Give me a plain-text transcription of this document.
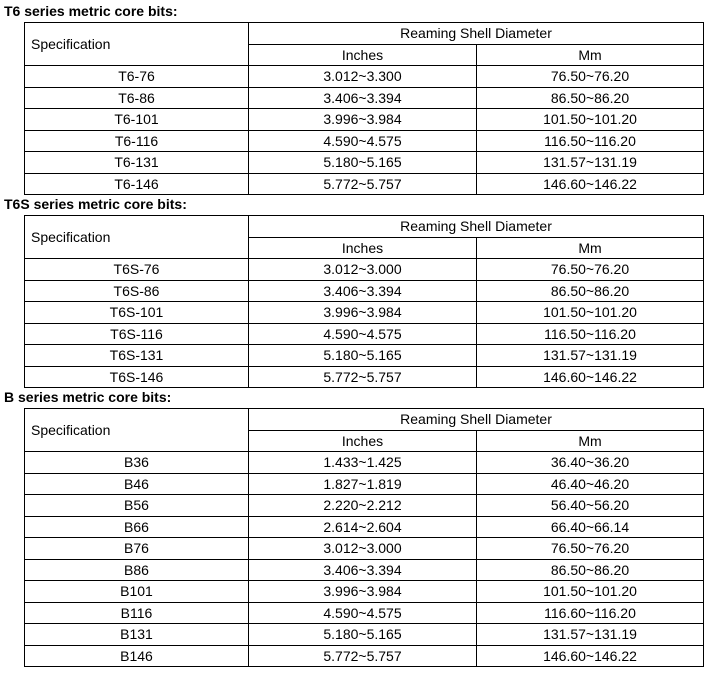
T6 series metric core bits:
Specification	Reaming Shell Diameter	
	Inches	Mm
T6-76	3.012~3.300	76.50~76.20
T6-86	3.406~3.394	86.50~86.20
T6-101	3.996~3.984	101.50~101.20
T6-116	4.590~4.575	116.50~116.20
T6-131	5.180~5.165	131.57~131.19
T6-146	5.772~5.757	146.60~146.22
T6S series metric core bits:
Specification	Reaming Shell Diameter	
	Inches	Mm
T6S-76	3.012~3.000	76.50~76.20
T6S-86	3.406~3.394	86.50~86.20
T6S-101	3.996~3.984	101.50~101.20
T6S-116	4.590~4.575	116.50~116.20
T6S-131	5.180~5.165	131.57~131.19
T6S-146	5.772~5.757	146.60~146.22
B series metric core bits:
Specification	Reaming Shell Diameter	
	Inches	Mm
B36	1.433~1.425	36.40~36.20
B46	1.827~1.819	46.40~46.20
B56	2.220~2.212	56.40~56.20
B66	2.614~2.604	66.40~66.14
B76	3.012~3.000	76.50~76.20
B86	3.406~3.394	86.50~86.20
B101	3.996~3.984	101.50~101.20
B116	4.590~4.575	116.60~116.20
B131	5.180~5.165	131.57~131.19
B146	5.772~5.757	146.60~146.22
